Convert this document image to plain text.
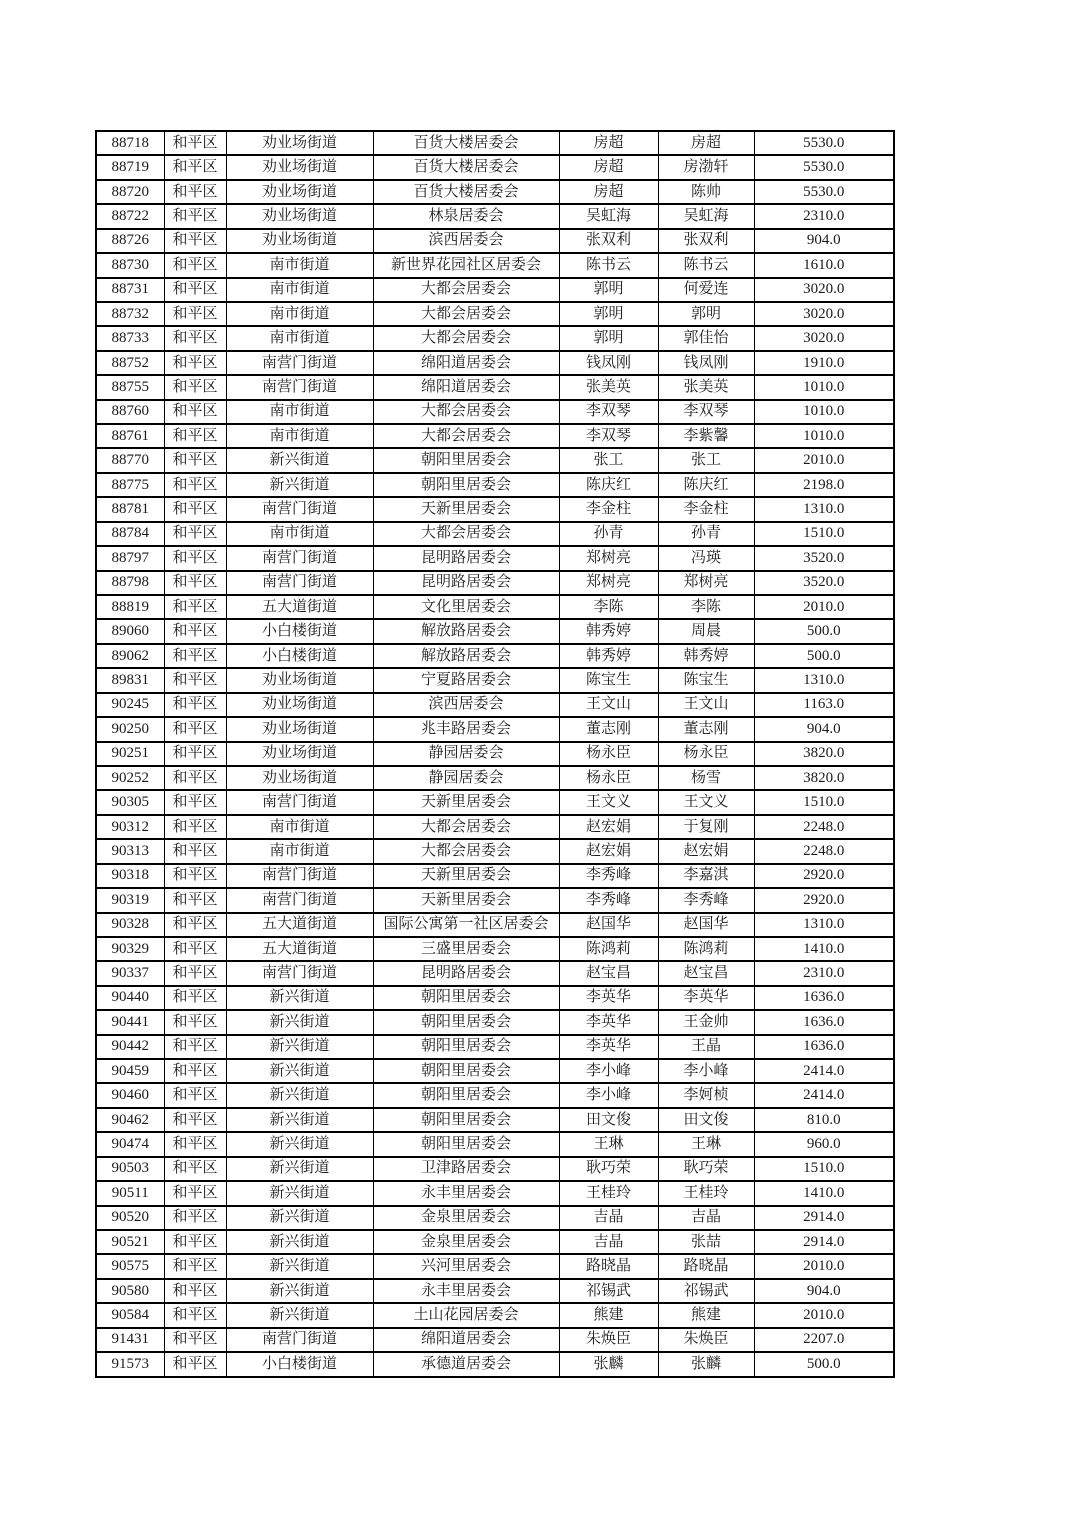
88718	和平区	劝业场街道	百货大楼居委会	房超	房超	5530.0
88719	和平区	劝业场街道	百货大楼居委会	房超	房渤轩	5530.0
88720	和平区	劝业场街道	百货大楼居委会	房超	陈帅	5530.0
88722	和平区	劝业场街道	林泉居委会	吴虹海	吴虹海	2310.0
88726	和平区	劝业场街道	滨西居委会	张双利	张双利	904.0
88730	和平区	南市街道	新世界花园社区居委会	陈书云	陈书云	1610.0
88731	和平区	南市街道	大都会居委会	郭明	何爱连	3020.0
88732	和平区	南市街道	大都会居委会	郭明	郭明	3020.0
88733	和平区	南市街道	大都会居委会	郭明	郭佳怡	3020.0
88752	和平区	南营门街道	绵阳道居委会	钱凤刚	钱凤刚	1910.0
88755	和平区	南营门街道	绵阳道居委会	张美英	张美英	1010.0
88760	和平区	南市街道	大都会居委会	李双琴	李双琴	1010.0
88761	和平区	南市街道	大都会居委会	李双琴	李紫馨	1010.0
88770	和平区	新兴街道	朝阳里居委会	张工	张工	2010.0
88775	和平区	新兴街道	朝阳里居委会	陈庆红	陈庆红	2198.0
88781	和平区	南营门街道	天新里居委会	李金柱	李金柱	1310.0
88784	和平区	南市街道	大都会居委会	孙青	孙青	1510.0
88797	和平区	南营门街道	昆明路居委会	郑树亮	冯瑛	3520.0
88798	和平区	南营门街道	昆明路居委会	郑树亮	郑树亮	3520.0
88819	和平区	五大道街道	文化里居委会	李陈	李陈	2010.0
89060	和平区	小白楼街道	解放路居委会	韩秀婷	周晨	500.0
89062	和平区	小白楼街道	解放路居委会	韩秀婷	韩秀婷	500.0
89831	和平区	劝业场街道	宁夏路居委会	陈宝生	陈宝生	1310.0
90245	和平区	劝业场街道	滨西居委会	王文山	王文山	1163.0
90250	和平区	劝业场街道	兆丰路居委会	董志刚	董志刚	904.0
90251	和平区	劝业场街道	静园居委会	杨永臣	杨永臣	3820.0
90252	和平区	劝业场街道	静园居委会	杨永臣	杨雪	3820.0
90305	和平区	南营门街道	天新里居委会	王文义	王文义	1510.0
90312	和平区	南市街道	大都会居委会	赵宏娟	于复刚	2248.0
90313	和平区	南市街道	大都会居委会	赵宏娟	赵宏娟	2248.0
90318	和平区	南营门街道	天新里居委会	李秀峰	李嘉淇	2920.0
90319	和平区	南营门街道	天新里居委会	李秀峰	李秀峰	2920.0
90328	和平区	五大道街道	国际公寓第一社区居委会	赵国华	赵国华	1310.0
90329	和平区	五大道街道	三盛里居委会	陈鸿莉	陈鸿莉	1410.0
90337	和平区	南营门街道	昆明路居委会	赵宝昌	赵宝昌	2310.0
90440	和平区	新兴街道	朝阳里居委会	李英华	李英华	1636.0
90441	和平区	新兴街道	朝阳里居委会	李英华	王金帅	1636.0
90442	和平区	新兴街道	朝阳里居委会	李英华	王晶	1636.0
90459	和平区	新兴街道	朝阳里居委会	李小峰	李小峰	2414.0
90460	和平区	新兴街道	朝阳里居委会	李小峰	李妸桢	2414.0
90462	和平区	新兴街道	朝阳里居委会	田文俊	田文俊	810.0
90474	和平区	新兴街道	朝阳里居委会	王琳	王琳	960.0
90503	和平区	新兴街道	卫津路居委会	耿巧荣	耿巧荣	1510.0
90511	和平区	新兴街道	永丰里居委会	王桂玲	王桂玲	1410.0
90520	和平区	新兴街道	金泉里居委会	吉晶	吉晶	2914.0
90521	和平区	新兴街道	金泉里居委会	吉晶	张喆	2914.0
90575	和平区	新兴街道	兴河里居委会	路晓晶	路晓晶	2010.0
90580	和平区	新兴街道	永丰里居委会	祁锡武	祁锡武	904.0
90584	和平区	新兴街道	土山花园居委会	熊建	熊建	2010.0
91431	和平区	南营门街道	绵阳道居委会	朱焕臣	朱焕臣	2207.0
91573	和平区	小白楼街道	承德道居委会	张麟	张麟	500.0
